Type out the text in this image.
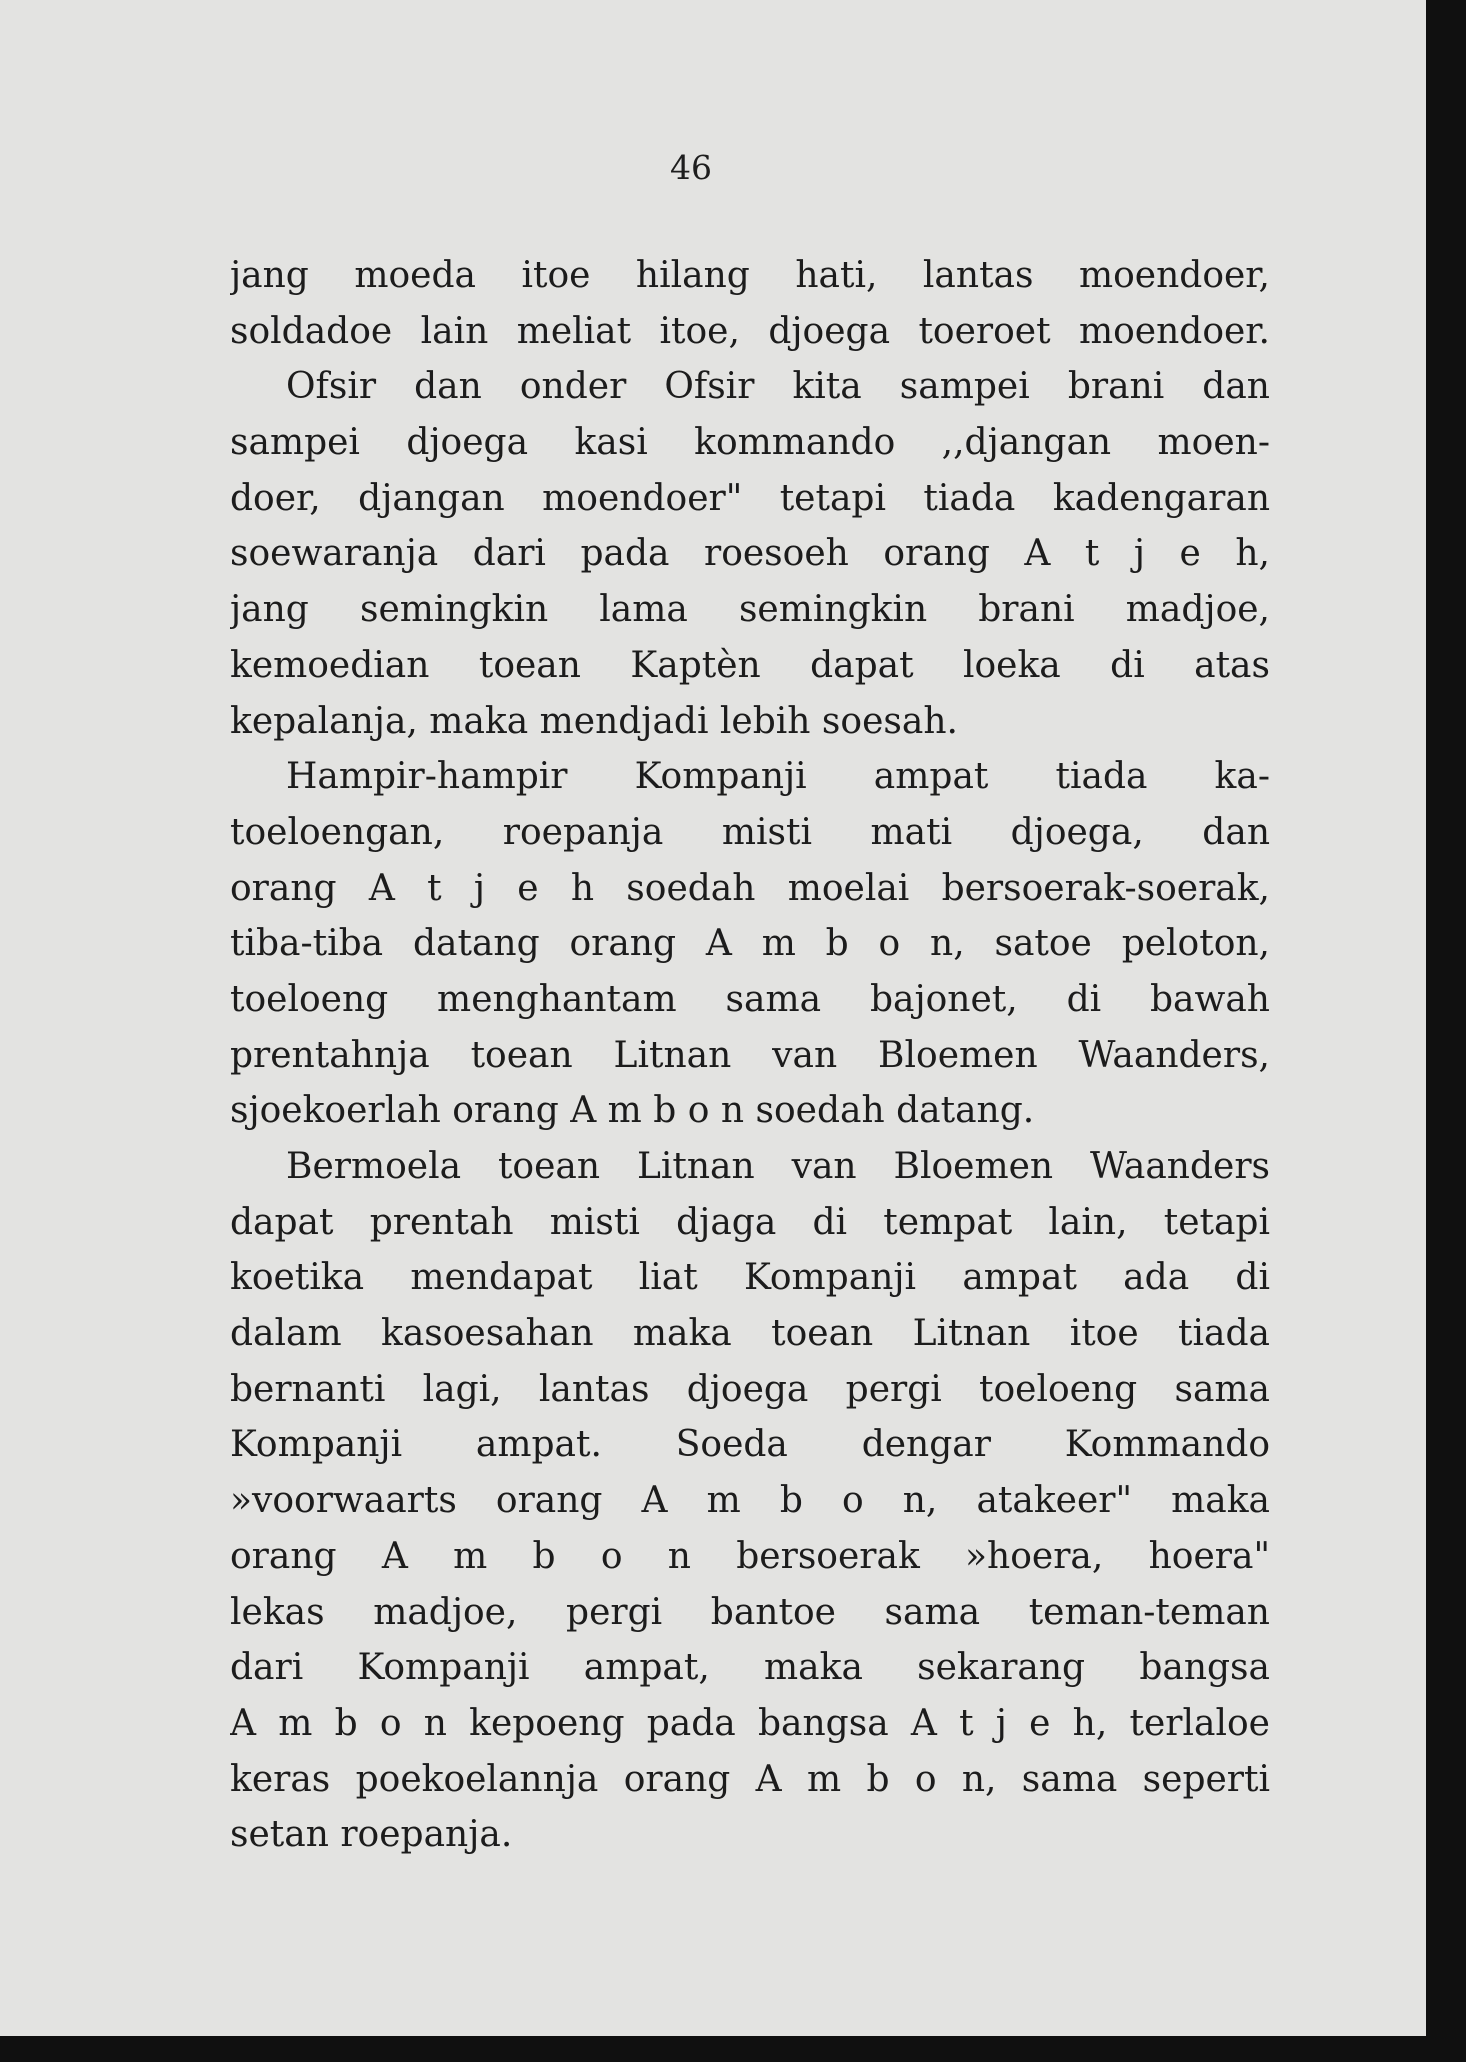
46
jang moeda itoe hilang hati, lantas moendoer,
soldadoe lain meliat itoe, djoega toeroet moendoer.
Ofsir dan onder Ofsir kita sampei brani dan
sampei djoega kasi kommando ,,djangan moen-
doer, djangan moendoer" tetapi tiada kadengaran
soewaranja dari pada roesoeh orang A t j e h,
jang semingkin lama semingkin brani madjoe,
kemoedian toean Kaptèn dapat loeka di atas
kepalanja, maka mendjadi lebih soesah.
Hampir-hampir Kompanji ampat tiada ka-
toeloengan, roepanja misti mati djoega, dan
orang A t j e h soedah moelai bersoerak-soerak,
tiba-tiba datang orang A m b o n, satoe peloton,
toeloeng menghantam sama bajonet, di bawah
prentahnja toean Litnan van Bloemen Waanders,
sjoekoerlah orang A m b o n soedah datang.
Bermoela toean Litnan van Bloemen Waanders
dapat prentah misti djaga di tempat lain, tetapi
koetika mendapat liat Kompanji ampat ada di
dalam kasoesahan maka toean Litnan itoe tiada
bernanti lagi, lantas djoega pergi toeloeng sama
Kompanji ampat. Soeda dengar Kommando
»voorwaarts orang A m b o n, atakeer" maka
orang A m b o n bersoerak »hoera, hoera"
lekas madjoe, pergi bantoe sama teman-teman
dari Kompanji ampat, maka sekarang bangsa
A m b o n kepoeng pada bangsa A t j e h, terlaloe
keras poekoelannja orang A m b o n, sama seperti
setan roepanja.
